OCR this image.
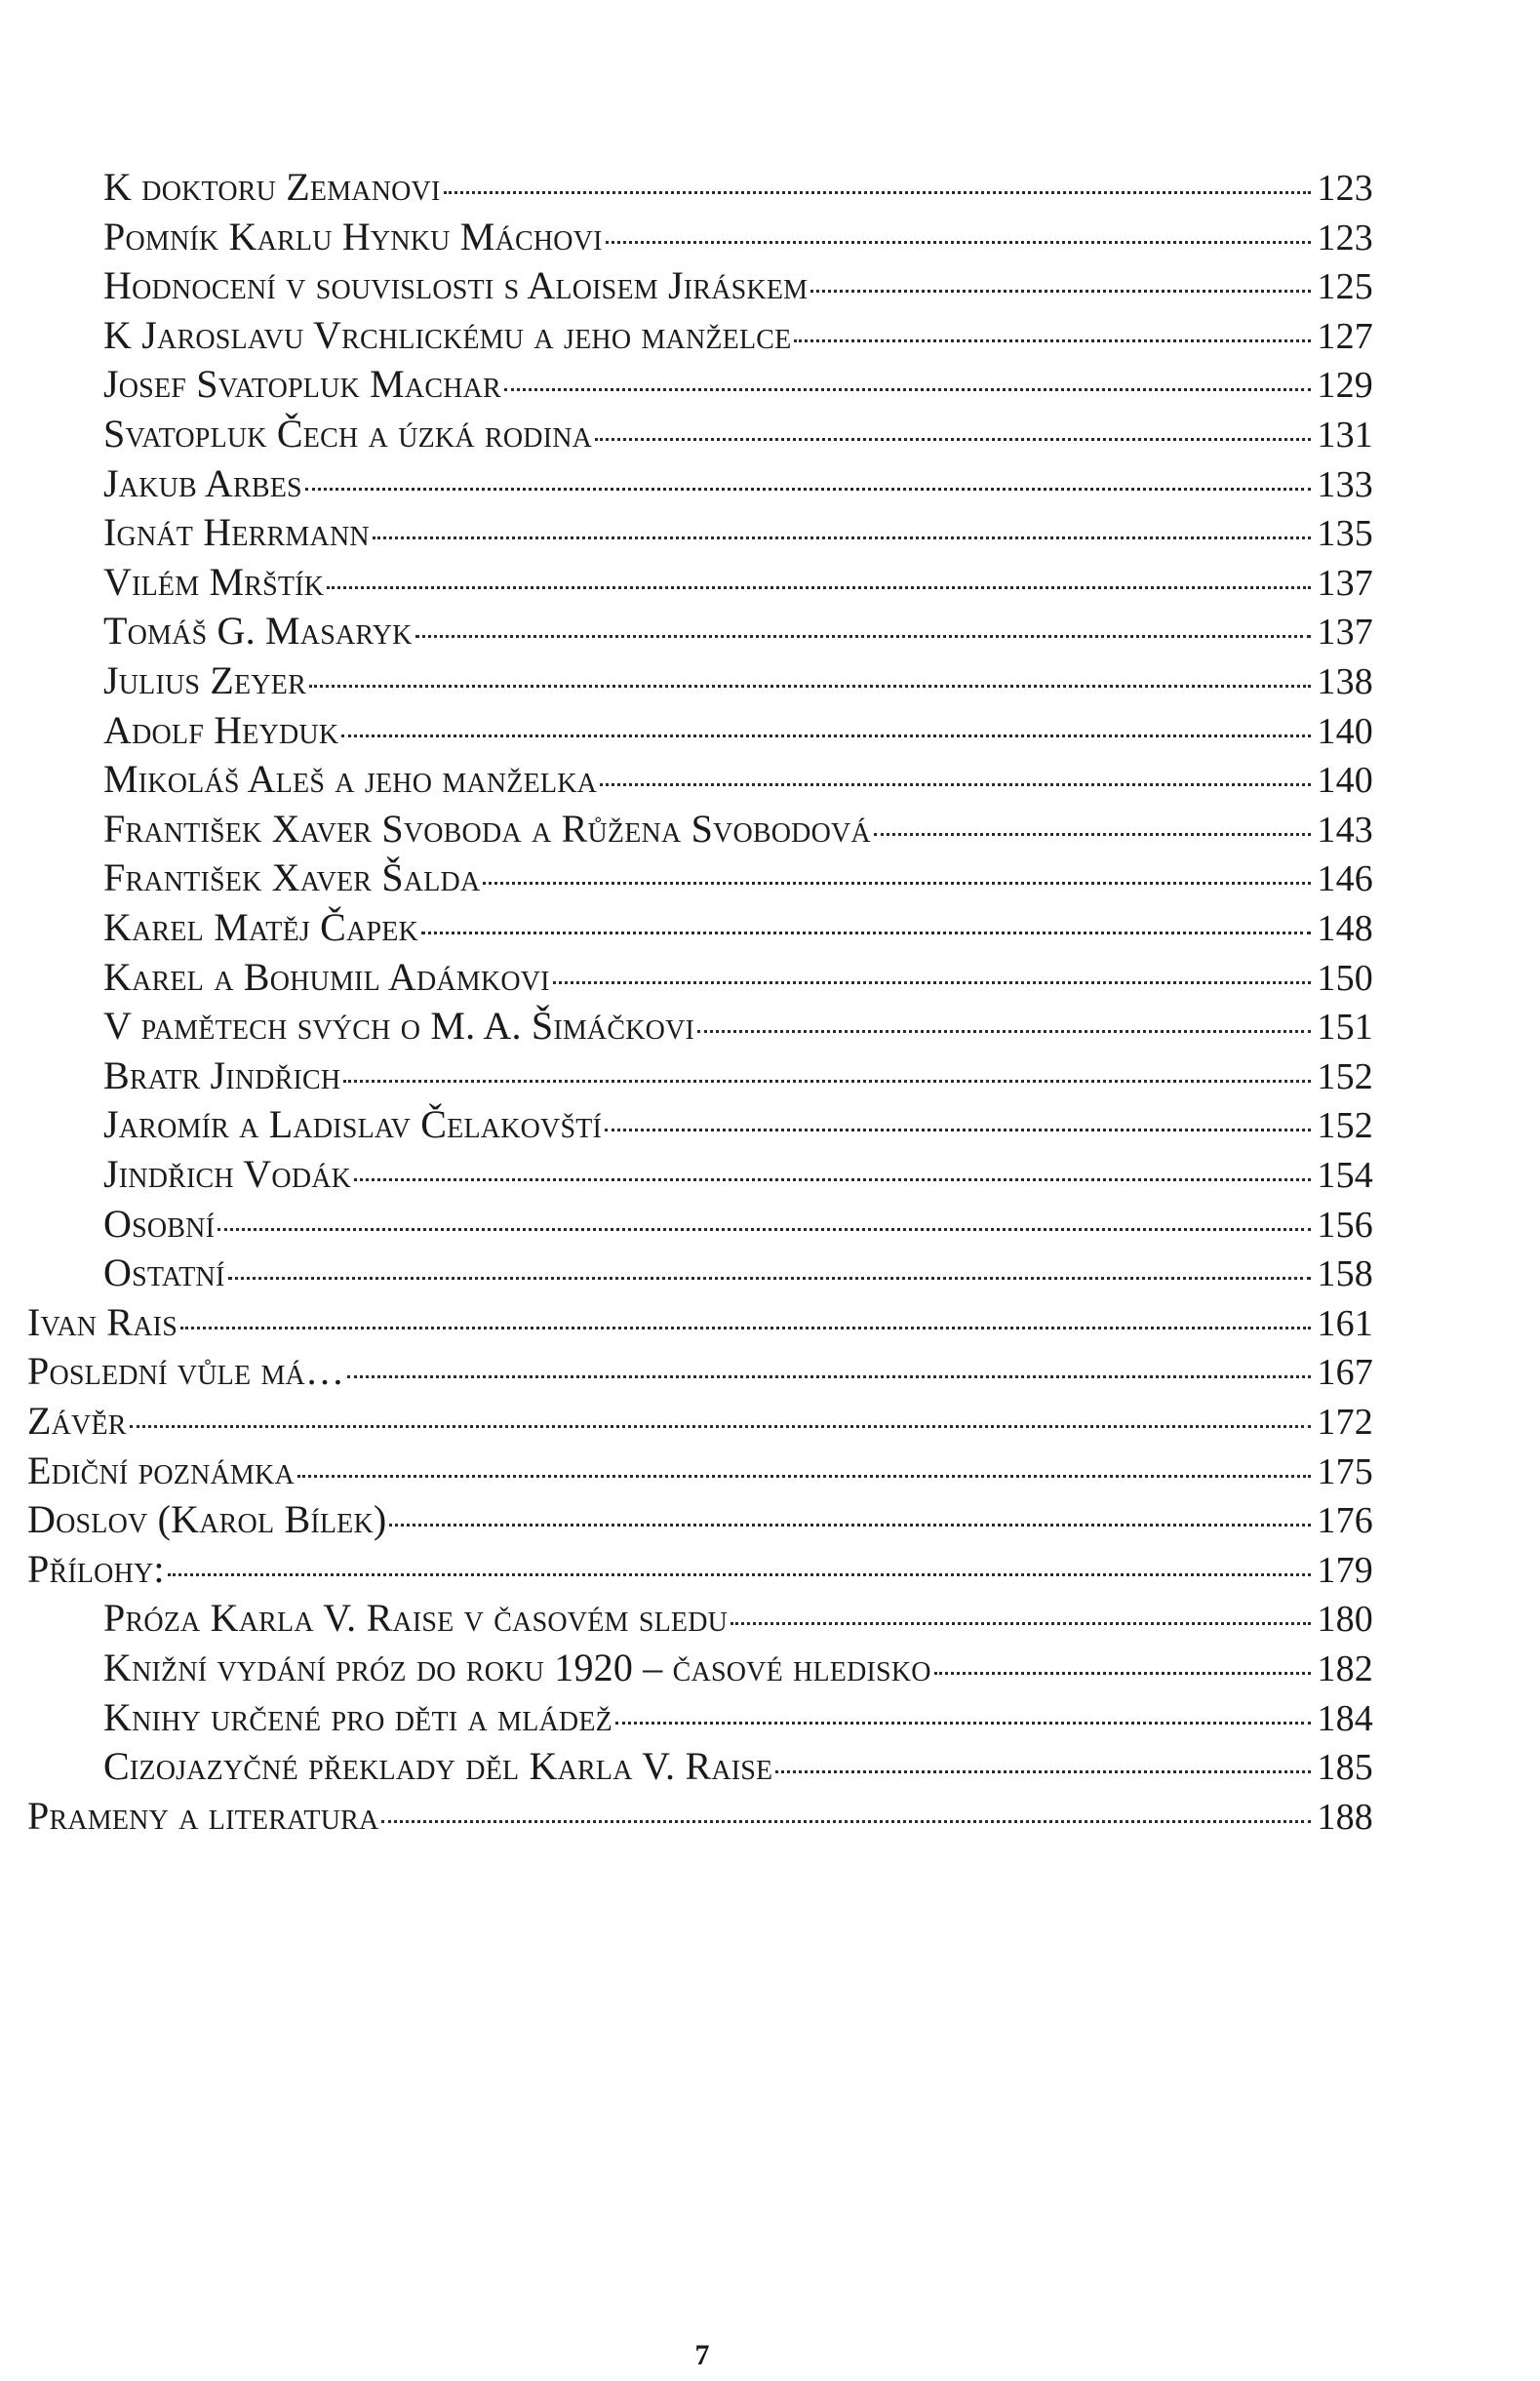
K doktoru Zemanovi	123
Pomník Karlu Hynku Máchovi	123
Hodnocení v souvislosti s Aloisem Jiráskem	125
K Jaroslavu Vrchlickému a jeho manželce	127
Josef Svatopluk Machar	129
Svatopluk Čech a úzká rodina	131
Jakub Arbes	133
Ignát Herrmann	135
Vilém Mrštík	137
Tomáš G. Masaryk	137
Julius Zeyer	138
Adolf Heyduk	140
Mikoláš Aleš a jeho manželka	140
František Xaver Svoboda a Růžena Svobodová	143
František Xaver Šalda	146
Karel Matěj Čapek	148
Karel a Bohumil Adámkovi	150
V pamětech svých o M. A. Šimáčkovi	151
Bratr Jindřich	152
Jaromír a Ladislav Čelakovští	152
Jindřich Vodák	154
Osobní	156
Ostatní	158
Ivan Rais	161
Poslední vůle má…	167
Závěr	172
Ediční poznámka	175
Doslov (Karol Bílek)	176
Přílohy:	179
Próza Karla V. Raise v časovém sledu	180
Knižní vydání próz do roku 1920 – časové hledisko	182
Knihy určené pro děti a mládež	184
Cizojazyčné překlady děl Karla V. Raise	185
Prameny a literatura	188
7
